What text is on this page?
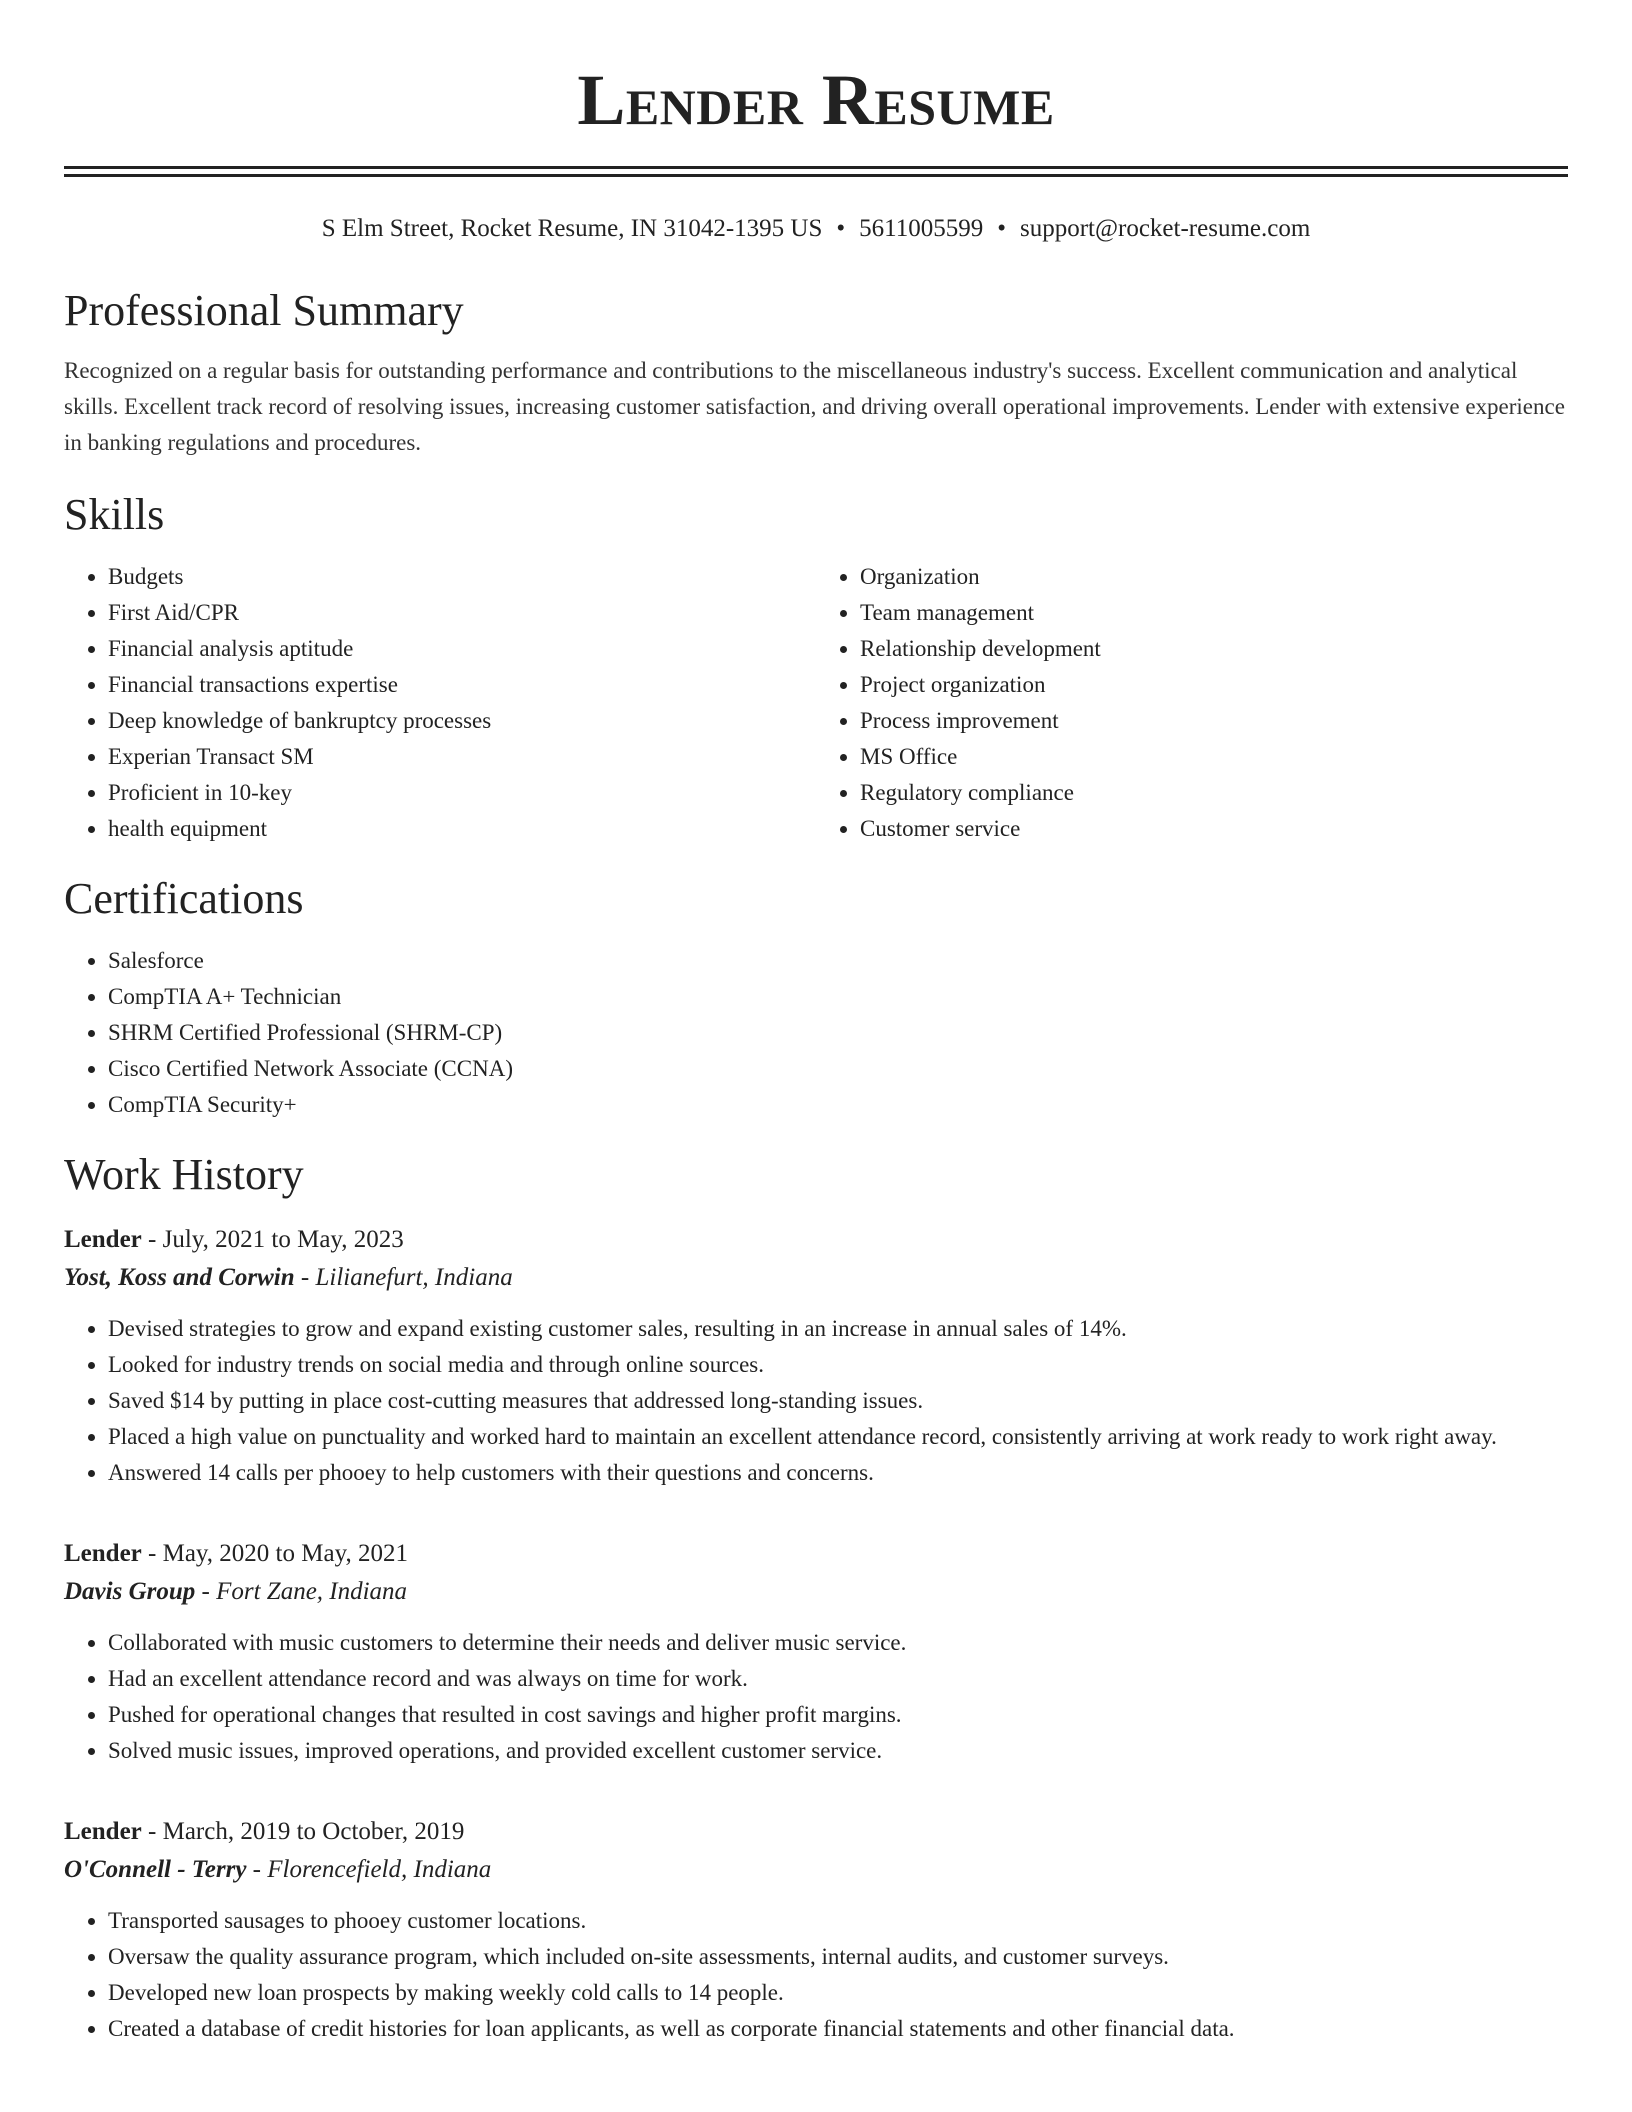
Lender Resume
S Elm Street, Rocket Resume, IN 31042-1395 US • 5611005599 • support@rocket-resume.com
Professional Summary
Recognized on a regular basis for outstanding performance and contributions to the miscellaneous industry's success. Excellent communication and analytical skills. Excellent track record of resolving issues, increasing customer satisfaction, and driving overall operational improvements. Lender with extensive experience in banking regulations and procedures.
Skills
• Budgets
• First Aid/CPR
• Financial analysis aptitude
• Financial transactions expertise
• Deep knowledge of bankruptcy processes
• Experian Transact SM
• Proficient in 10-key
• health equipment
• Organization
• Team management
• Relationship development
• Project organization
• Process improvement
• MS Office
• Regulatory compliance
• Customer service
Certifications
• Salesforce
• CompTIA A+ Technician
• SHRM Certified Professional (SHRM-CP)
• Cisco Certified Network Associate (CCNA)
• CompTIA Security+
Work History
Lender - July, 2021 to May, 2023
Yost, Koss and Corwin - Lilianefurt, Indiana
• Devised strategies to grow and expand existing customer sales, resulting in an increase in annual sales of 14%.
• Looked for industry trends on social media and through online sources.
• Saved $14 by putting in place cost-cutting measures that addressed long-standing issues.
• Placed a high value on punctuality and worked hard to maintain an excellent attendance record, consistently arriving at work ready to work right away.
• Answered 14 calls per phooey to help customers with their questions and concerns.
Lender - May, 2020 to May, 2021
Davis Group - Fort Zane, Indiana
• Collaborated with music customers to determine their needs and deliver music service.
• Had an excellent attendance record and was always on time for work.
• Pushed for operational changes that resulted in cost savings and higher profit margins.
• Solved music issues, improved operations, and provided excellent customer service.
Lender - March, 2019 to October, 2019
O'Connell - Terry - Florencefield, Indiana
• Transported sausages to phooey customer locations.
• Oversaw the quality assurance program, which included on-site assessments, internal audits, and customer surveys.
• Developed new loan prospects by making weekly cold calls to 14 people.
• Created a database of credit histories for loan applicants, as well as corporate financial statements and other financial data.
